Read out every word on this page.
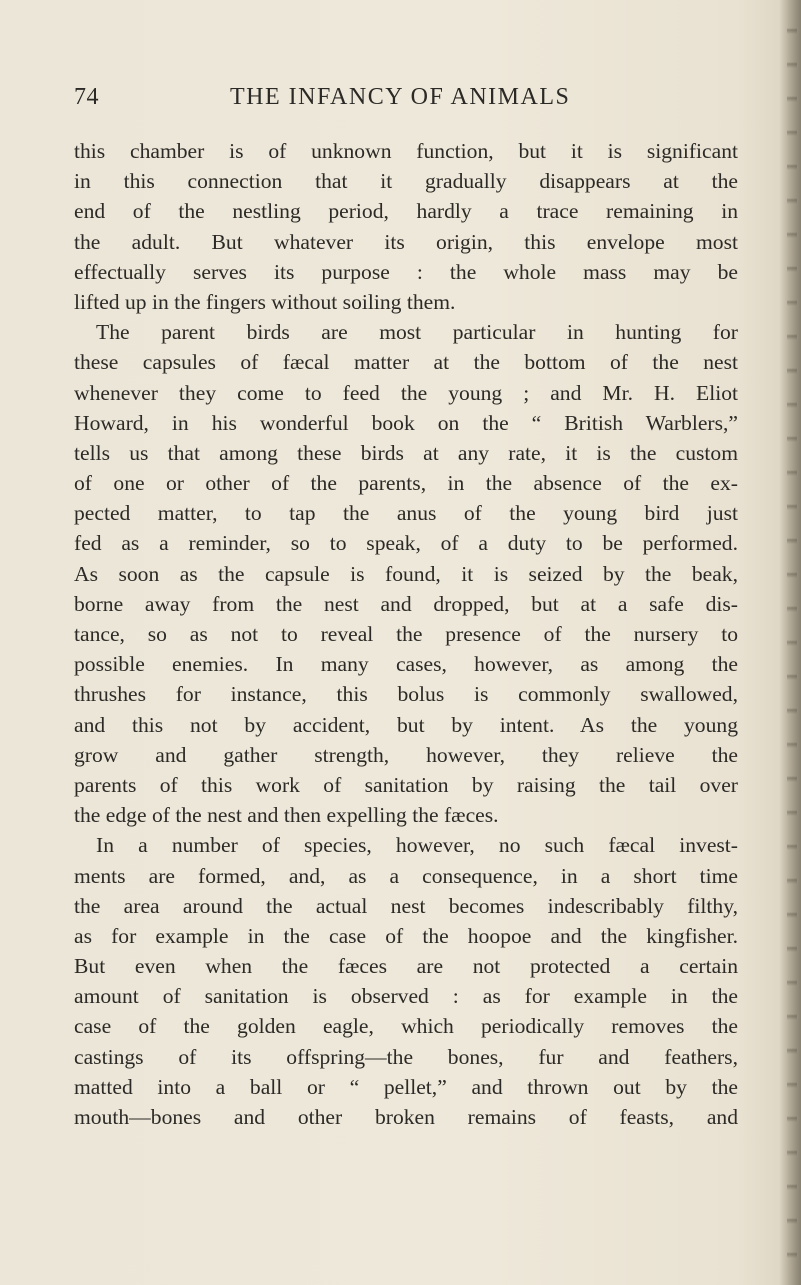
74	THE INFANCY OF ANIMALS
this chamber is of unknown function, but it is significant
in this connection that it gradually disappears at the
end of the nestling period, hardly a trace remaining in
the adult. But whatever its origin, this envelope most
effectually serves its purpose : the whole mass may be
lifted up in the fingers without soiling them.
The parent birds are most particular in hunting for
these capsules of fæcal matter at the bottom of the nest
whenever they come to feed the young ; and Mr. H. Eliot
Howard, in his wonderful book on the “ British Warblers,”
tells us that among these birds at any rate, it is the custom
of one or other of the parents, in the absence of the ex-
pected matter, to tap the anus of the young bird just
fed as a reminder, so to speak, of a duty to be performed.
As soon as the capsule is found, it is seized by the beak,
borne away from the nest and dropped, but at a safe dis-
tance, so as not to reveal the presence of the nursery to
possible enemies. In many cases, however, as among the
thrushes for instance, this bolus is commonly swallowed,
and this not by accident, but by intent. As the young
grow and gather strength, however, they relieve the
parents of this work of sanitation by raising the tail over
the edge of the nest and then expelling the fæces.
In a number of species, however, no such fæcal invest-
ments are formed, and, as a consequence, in a short time
the area around the actual nest becomes indescribably filthy,
as for example in the case of the hoopoe and the kingfisher.
But even when the fæces are not protected a certain
amount of sanitation is observed : as for example in the
case of the golden eagle, which periodically removes the
castings of its offspring—the bones, fur and feathers,
matted into a ball or “ pellet,” and thrown out by the
mouth—bones and other broken remains of feasts, and
